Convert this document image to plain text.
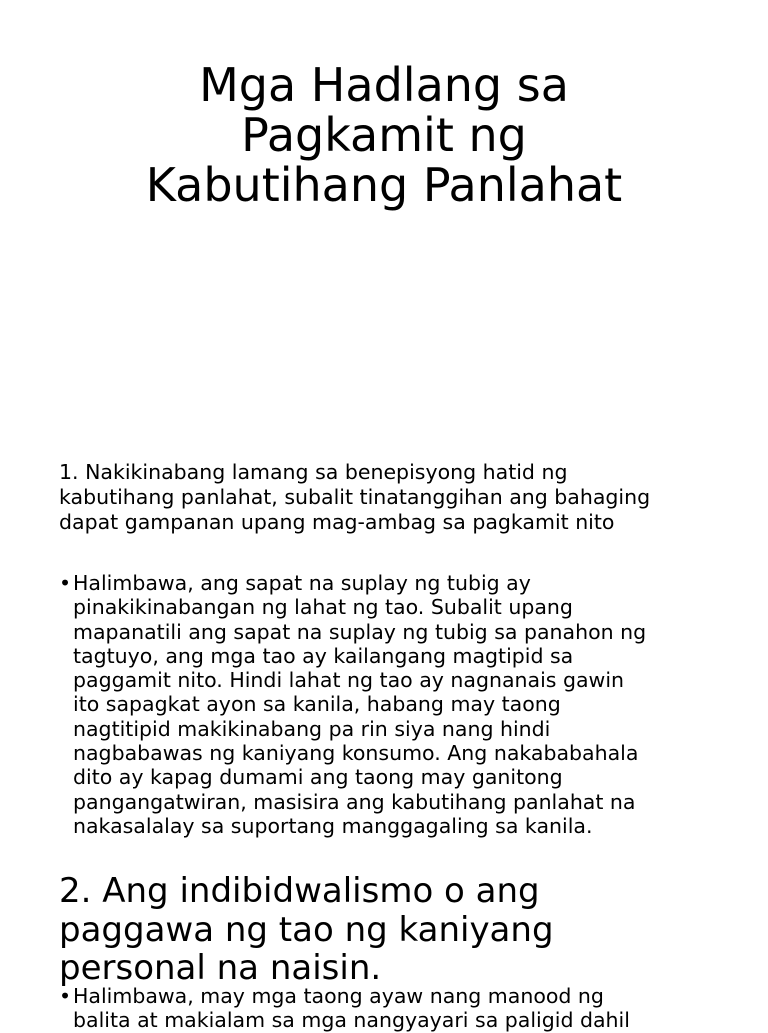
Mga Hadlang sa
Pagkamit ng
Kabutihang Panlahat

1. Nakikinabang lamang sa benepisyong hatid ng
kabutihang panlahat, subalit tinatanggihan ang bahaging
dapat gampanan upang mag-ambag sa pagkamit nito

• Halimbawa, ang sapat na suplay ng tubig ay
pinakikinabangan ng lahat ng tao. Subalit upang
mapanatili ang sapat na suplay ng tubig sa panahon ng
tagtuyo, ang mga tao ay kailangang magtipid sa
paggamit nito. Hindi lahat ng tao ay nagnanais gawin
ito sapagkat ayon sa kanila, habang may taong
nagtitipid makikinabang pa rin siya nang hindi
nagbabawas ng kaniyang konsumo. Ang nakababahala
dito ay kapag dumami ang taong may ganitong
pangangatwiran, masisira ang kabutihang panlahat na
nakasalalay sa suportang manggagaling sa kanila.
2. Ang indibidwalismo o ang
paggawa ng tao ng kaniyang
personal na naisin.
• Halimbawa, may mga taong ayaw nang manood ng
balita at makialam sa mga nangyayari sa paligid dahil
